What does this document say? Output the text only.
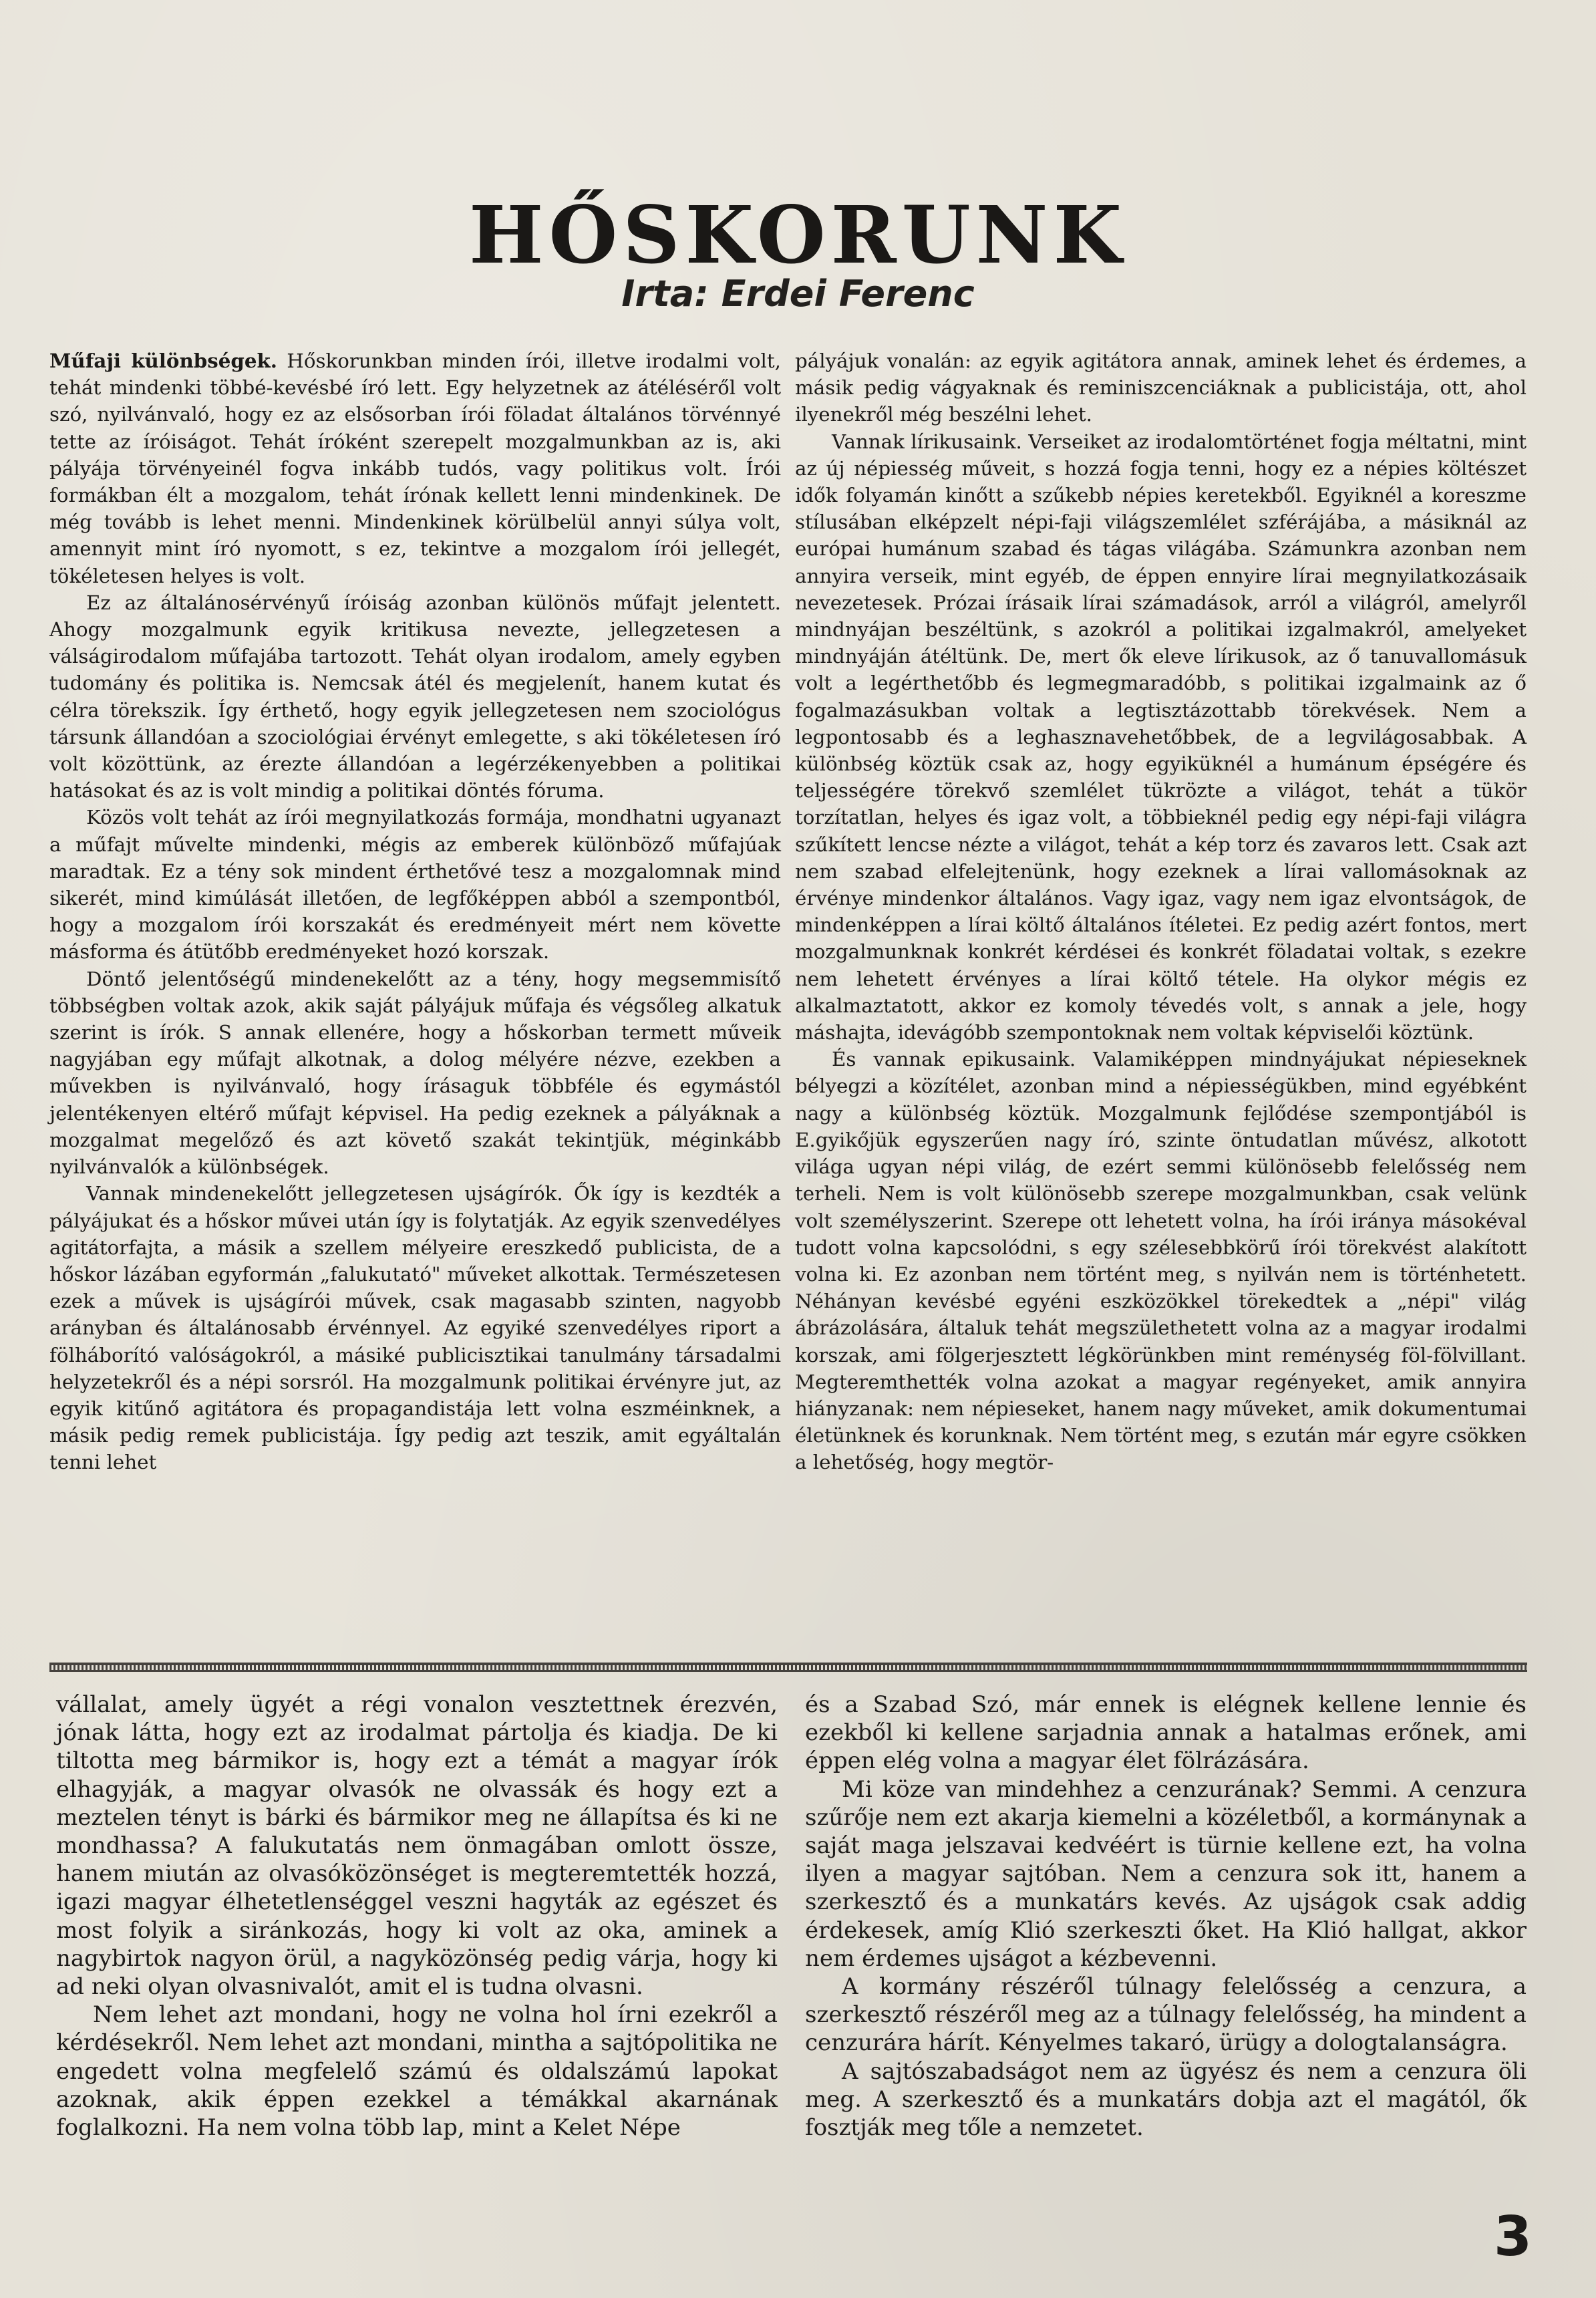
HŐSKORUNK

Irta: Erdei Ferenc

Műfaji különbségek. Hőskorunkban minden írói, illetve irodalmi volt, tehát mindenki többé-kevésbé író lett. Egy helyzetnek az átéléséről volt szó, nyilvánvaló, hogy ez az elsősorban írói föladat általános törvénnyé tette az íróiságot. Tehát íróként szerepelt mozgalmunkban az is, aki pályája törvényeinél fogva inkább tudós, vagy politikus volt. Írói formákban élt a mozgalom, tehát írónak kellett lenni mindenkinek. De még tovább is lehet menni. Mindenkinek körülbelül annyi súlya volt, amennyit mint író nyomott, s ez, tekintve a mozgalom írói jellegét, tökéletesen helyes is volt.

Ez az általánosérvényű íróiság azonban különös műfajt jelentett. Ahogy mozgalmunk egyik kritikusa nevezte, jellegzetesen a válságirodalom műfajába tartozott. Tehát olyan irodalom, amely egyben tudomány és politika is. Nemcsak átél és megjelenít, hanem kutat és célra törekszik. Így érthető, hogy egyik jellegzetesen nem szociológus társunk állandóan a szociológiai érvényt emlegette, s aki tökéletesen író volt közöttünk, az érezte állandóan a legérzékenyebben a politikai hatásokat és az is volt mindig a politikai döntés fóruma.

Közös volt tehát az írói megnyilatkozás formája, mondhatni ugyanazt a műfajt művelte mindenki, mégis az emberek különböző műfajúak maradtak. Ez a tény sok mindent érthetővé tesz a mozgalomnak mind sikerét, mind kimúlását illetően, de legfőképpen abból a szempontból, hogy a mozgalom írói korszakát és eredményeit mért nem követte másforma és átütőbb eredményeket hozó korszak.

Döntő jelentőségű mindenekelőtt az a tény, hogy megsemmisítő többségben voltak azok, akik saját pályájuk műfaja és végsőleg alkatuk szerint is írók. S annak ellenére, hogy a hőskorban termett műveik nagyjában egy műfajt alkotnak, a dolog mélyére nézve, ezekben a művekben is nyilvánvaló, hogy írásaguk többféle és egymástól jelentékenyen eltérő műfajt képvisel. Ha pedig ezeknek a pályáknak a mozgalmat megelőző és azt követő szakát tekintjük, méginkább nyilvánvalók a különbségek.

Vannak mindenekelőtt jellegzetesen ujságírók. Ők így is kezdték a pályájukat és a hőskor művei után így is folytatják. Az egyik szenvedélyes agitátorfajta, a másik a szellem mélyeire ereszkedő publicista, de a hőskor lázában egyformán „falukutató" műveket alkottak. Természetesen ezek a művek is ujságírói művek, csak magasabb szinten, nagyobb arányban és általánosabb érvénnyel. Az egyiké szenvedélyes riport a fölháborító valóságokról, a másiké publicisztikai tanulmány társadalmi helyzetekről és a népi sorsról. Ha mozgalmunk politikai érvényre jut, az egyik kitűnő agitátora és propagandistája lett volna eszméinknek, a másik pedig remek publicistája. Így pedig azt teszik, amit egyáltalán tenni lehet

pályájuk vonalán: az egyik agitátora annak, aminek lehet és érdemes, a másik pedig vágyaknak és reminiszcenciáknak a publicistája, ott, ahol ilyenekről még beszélni lehet.

Vannak lírikusaink. Verseiket az irodalomtörténet fogja méltatni, mint az új népiesség műveit, s hozzá fogja tenni, hogy ez a népies költészet idők folyamán kinőtt a szűkebb népies keretekből. Egyiknél a koreszme stílusában elképzelt népi-faji világszemlélet szférájába, a másiknál az európai humánum szabad és tágas világába. Számunkra azonban nem annyira verseik, mint egyéb, de éppen ennyire lírai megnyilatkozásaik nevezetesek. Prózai írásaik lírai számadások, arról a világról, amelyről mindnyájan beszéltünk, s azokról a politikai izgalmakról, amelyeket mindnyáján átéltünk. De, mert ők eleve lírikusok, az ő tanuvallomásuk volt a legérthetőbb és legmegmaradóbb, s politikai izgalmaink az ő fogalmazásukban voltak a legtisztázottabb törekvések. Nem a legpontosabb és a leghasznavehetőbbek, de a legvilágosabbak. A különbség köztük csak az, hogy egyiküknél a humánum épségére és teljességére törekvő szemlélet tükrözte a világot, tehát a tükör torzítatlan, helyes és igaz volt, a többieknél pedig egy népi-faji világra szűkített lencse nézte a világot, tehát a kép torz és zavaros lett. Csak azt nem szabad elfelejtenünk, hogy ezeknek a lírai vallomásoknak az érvénye mindenkor általános. Vagy igaz, vagy nem igaz elvontságok, de mindenképpen a lírai költő általános ítéletei. Ez pedig azért fontos, mert mozgalmunknak konkrét kérdései és konkrét föladatai voltak, s ezekre nem lehetett érvényes a lírai költő tétele. Ha olykor mégis ez alkalmaztatott, akkor ez komoly tévedés volt, s annak a jele, hogy máshajta, idevágóbb szempontoknak nem voltak képviselői köztünk.

És vannak epikusaink. Valamiképpen mindnyájukat népieseknek bélyegzi a közítélet, azonban mind a népiességükben, mind egyébként nagy a különbség köztük. Mozgalmunk fejlődése szempontjából is E.gyikőjük egyszerűen nagy író, szinte öntudatlan művész, alkotott világa ugyan népi világ, de ezért semmi különösebb felelősség nem terheli. Nem is volt különösebb szerepe mozgalmunkban, csak velünk volt személyszerint. Szerepe ott lehetett volna, ha írói iránya másokéval tudott volna kapcsolódni, s egy szélesebbkörű írói törekvést alakított volna ki. Ez azonban nem történt meg, s nyilván nem is történhetett. Néhányan kevésbé egyéni eszközökkel törekedtek a „népi" világ ábrázolására, általuk tehát megszülethetett volna az a magyar irodalmi korszak, ami fölgerjesztett légkörünkben mint reménység föl-fölvillant. Megteremthették volna azokat a magyar regényeket, amik annyira hiányzanak: nem népieseket, hanem nagy műveket, amik dokumentumai életünknek és korunknak. Nem történt meg, s ezután már egyre csökken a lehetőség, hogy megtör-

vállalat, amely ügyét a régi vonalon vesztettnek érezvén, jónak látta, hogy ezt az irodalmat pártolja és kiadja. De ki tiltotta meg bármikor is, hogy ezt a témát a magyar írók elhagyják, a magyar olvasók ne olvassák és hogy ezt a meztelen tényt is bárki és bármikor meg ne állapítsa és ki ne mondhassa? A falukutatás nem önmagában omlott össze, hanem miután az olvasóközönséget is megteremtették hozzá, igazi magyar élhetetlenséggel veszni hagyták az egészet és most folyik a siránkozás, hogy ki volt az oka, aminek a nagybirtok nagyon örül, a nagyközönség pedig várja, hogy ki ad neki olyan olvasnivalót, amit el is tudna olvasni.

Nem lehet azt mondani, hogy ne volna hol írni ezekről a kérdésekről. Nem lehet azt mondani, mintha a sajtópolitika ne engedett volna megfelelő számú és oldalszámú lapokat azoknak, akik éppen ezekkel a témákkal akarnának foglalkozni. Ha nem volna több lap, mint a Kelet Népe

és a Szabad Szó, már ennek is elégnek kellene lennie és ezekből ki kellene sarjadnia annak a hatalmas erőnek, ami éppen elég volna a magyar élet fölrázására.

Mi köze van mindehhez a cenzurának? Semmi. A cenzura szűrője nem ezt akarja kiemelni a közéletből, a kormánynak a saját maga jelszavai kedvéért is türnie kellene ezt, ha volna ilyen a magyar sajtóban. Nem a cenzura sok itt, hanem a szerkesztő és a munkatárs kevés. Az ujságok csak addig érdekesek, amíg Klió szerkeszti őket. Ha Klió hallgat, akkor nem érdemes ujságot a kézbevenni.

A kormány részéről túlnagy felelősség a cenzura, a szerkesztő részéről meg az a túlnagy felelősség, ha mindent a cenzurára hárít. Kényelmes takaró, ürügy a dologtalanságra.

A sajtószabadságot nem az ügyész és nem a cenzura öli meg. A szerkesztő és a munkatárs dobja azt el magától, ők fosztják meg tőle a nemzetet.

3
